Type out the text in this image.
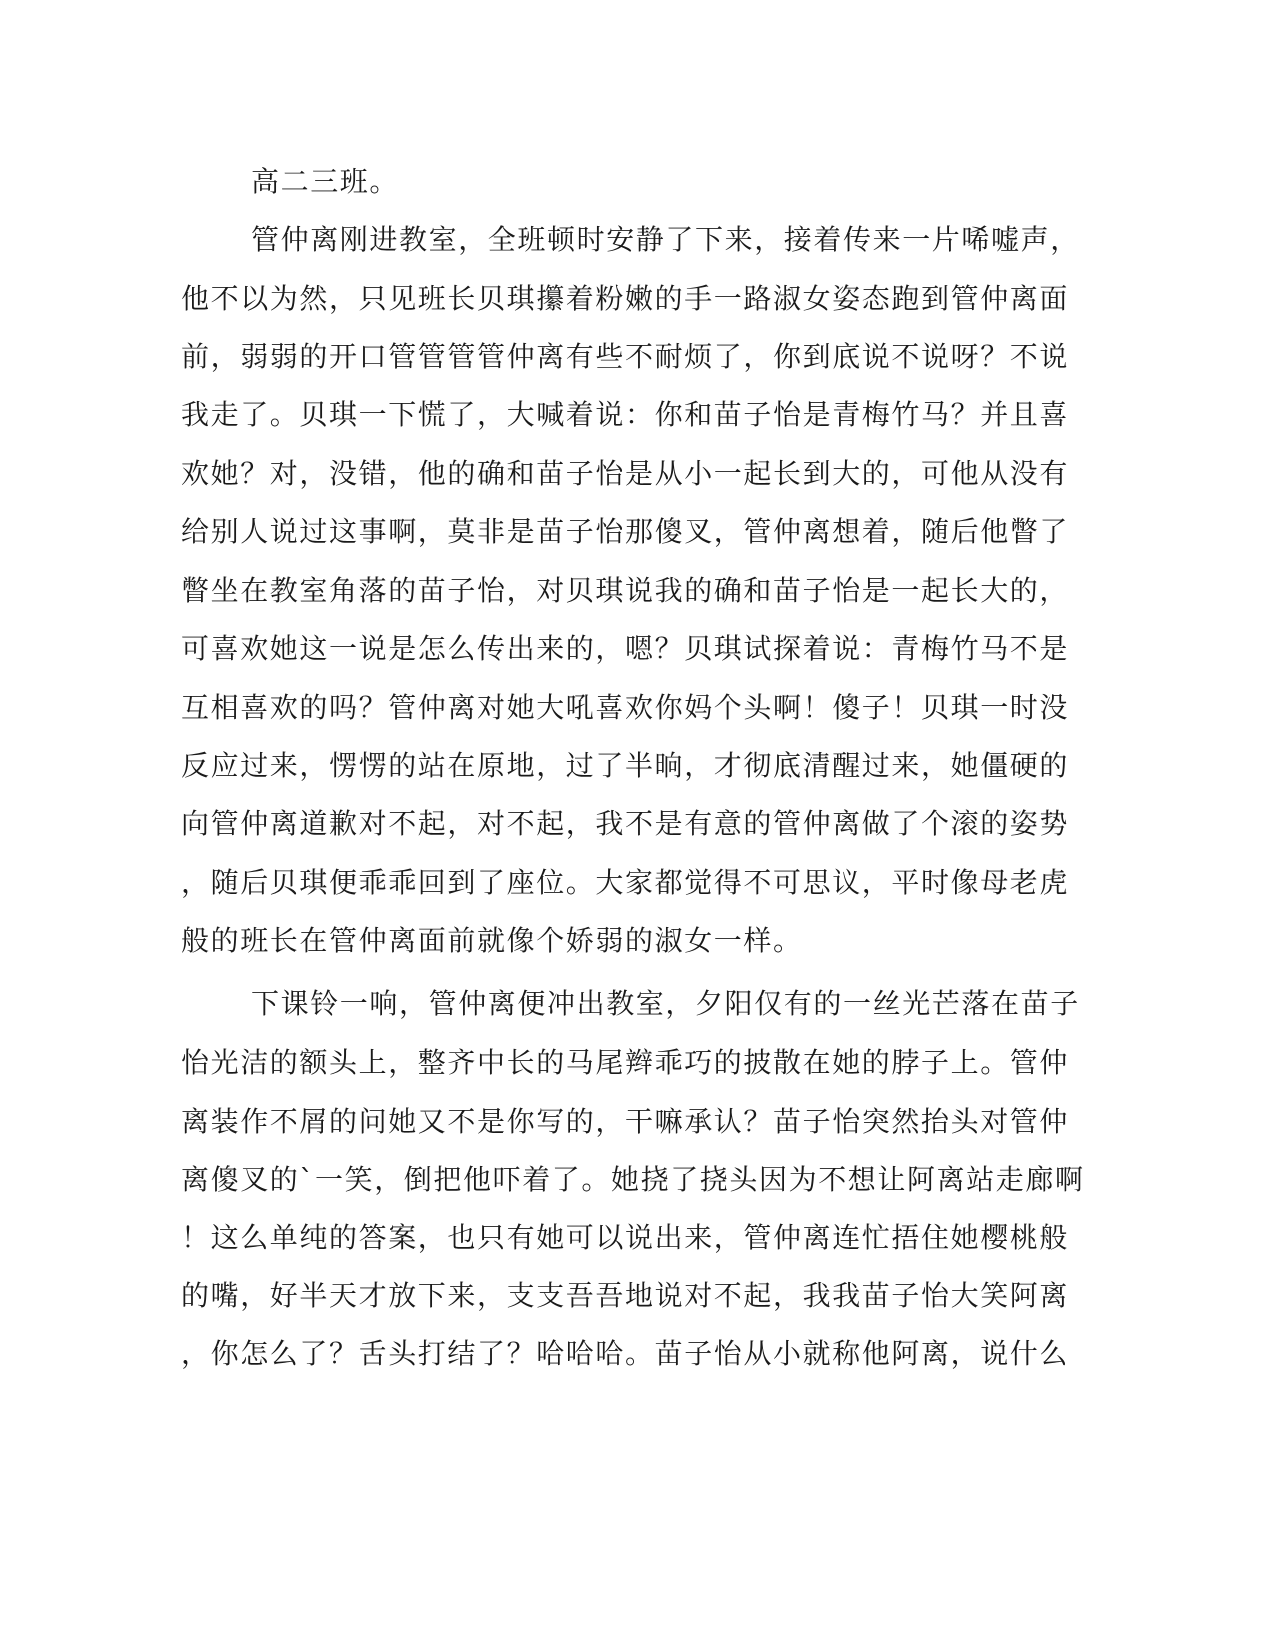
高二三班。
管仲离刚进教室，全班顿时安静了下来，接着传来一片唏嘘声，
他不以为然，只见班长贝琪攥着粉嫩的手一路淑女姿态跑到管仲离面
前，弱弱的开口管管管管仲离有些不耐烦了，你到底说不说呀？不说
我走了。贝琪一下慌了，大喊着说：你和苗子怡是青梅竹马？并且喜
欢她？对，没错，他的确和苗子怡是从小一起长到大的，可他从没有
给别人说过这事啊，莫非是苗子怡那傻叉，管仲离想着，随后他瞥了
瞥坐在教室角落的苗子怡，对贝琪说我的确和苗子怡是一起长大的，
可喜欢她这一说是怎么传出来的，嗯？贝琪试探着说：青梅竹马不是
互相喜欢的吗？管仲离对她大吼喜欢你妈个头啊！傻子！贝琪一时没
反应过来，愣愣的站在原地，过了半晌，才彻底清醒过来，她僵硬的
向管仲离道歉对不起，对不起，我不是有意的管仲离做了个滚的姿势
，随后贝琪便乖乖回到了座位。大家都觉得不可思议，平时像母老虎
般的班长在管仲离面前就像个娇弱的淑女一样。
下课铃一响，管仲离便冲出教室，夕阳仅有的一丝光芒落在苗子
怡光洁的额头上，整齐中长的马尾辫乖巧的披散在她的脖子上。管仲
离装作不屑的问她又不是你写的，干嘛承认？苗子怡突然抬头对管仲
离傻叉的`一笑，倒把他吓着了。她挠了挠头因为不想让阿离站走廊啊
！这么单纯的答案，也只有她可以说出来，管仲离连忙捂住她樱桃般
的嘴，好半天才放下来，支支吾吾地说对不起，我我苗子怡大笑阿离
，你怎么了？舌头打结了？哈哈哈。苗子怡从小就称他阿离，说什么
